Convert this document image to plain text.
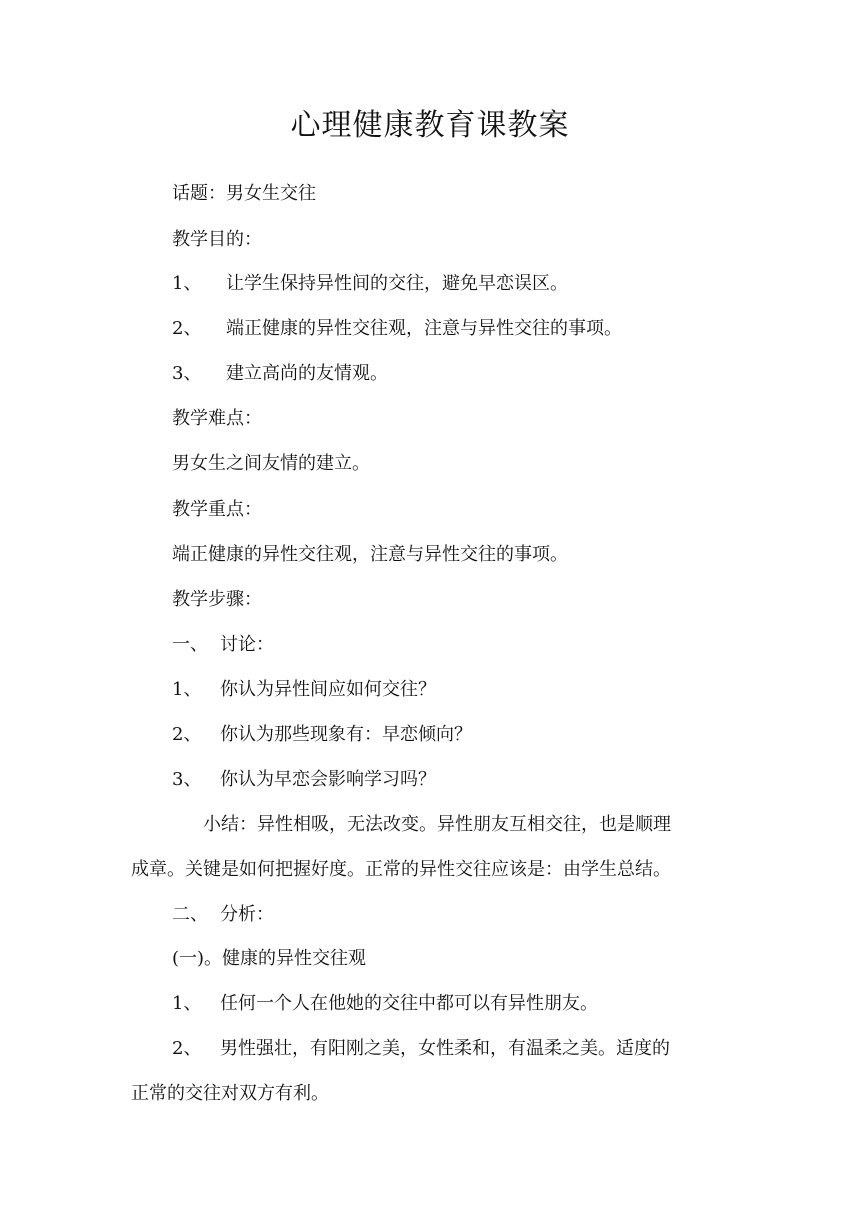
心理健康教育课教案
话题：男女生交往
教学目的：
1、 让学生保持异性间的交往，避免早恋误区。
2、 端正健康的异性交往观，注意与异性交往的事项。
3、 建立高尚的友情观。
教学难点：
男女生之间友情的建立。
教学重点：
端正健康的异性交往观，注意与异性交往的事项。
教学步骤：
一、 讨论：
1、 你认为异性间应如何交往？
2、 你认为那些现象有：早恋倾向？
3、 你认为早恋会影响学习吗？
小结：异性相吸，无法改变。异性朋友互相交往，也是顺理
成章。关键是如何把握好度。正常的异性交往应该是：由学生总结。
二、 分析：
(一)。健康的异性交往观
1、 任何一个人在他她的交往中都可以有异性朋友。
2、 男性强壮，有阳刚之美，女性柔和，有温柔之美。适度的
正常的交往对双方有利。
